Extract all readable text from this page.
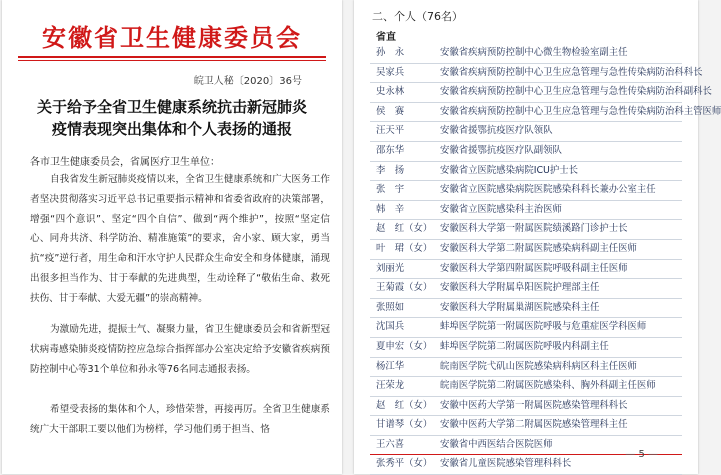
安徽省卫生健康委员会
皖卫人秘〔2020〕36号
关于给予全省卫生健康系统抗击新冠肺炎
疫情表现突出集体和个人表扬的通报
各市卫生健康委员会，省属医疗卫生单位：
自我省发生新冠肺炎疫情以来，全省卫生健康系统和广大医务工作者坚决贯彻落实习近平总书记重要指示精神和省委省政府的决策部署，增强“四个意识”、坚定“四个自信”、做到“两个维护”，按照“坚定信心、同舟共济、科学防治、精准施策”的要求，舍小家、顾大家，勇当抗“疫”逆行者，用生命和汗水守护人民群众生命安全和身体健康，涌现出很多担当作为、甘于奉献的先进典型，生动诠释了“敬佑生命、救死扶伤、甘于奉献、大爱无疆”的崇高精神。
为激励先进，提振士气、凝聚力量，省卫生健康委员会和省新型冠状病毒感染肺炎疫情防控应急综合指挥部办公室决定给予安徽省疾病预防控制中心等31个单位和孙永等76名同志通报表扬。
希望受表扬的集体和个人，珍惜荣誉，再接再厉。全省卫生健康系统广大干部职工要以他们为榜样，学习他们勇于担当、恪
二、个人（76名）
省直
孙　永	安徽省疾病预防控制中心微生物检验室副主任
吴家兵	安徽省疾病预防控制中心卫生应急管理与急性传染病防治科科长
史永林	安徽省疾病预防控制中心卫生应急管理与急性传染病防治科副科长
侯　赛	安徽省疾病预防控制中心卫生应急管理与急性传染病防治科主管医师
汪天平	安徽省援鄂抗疫医疗队领队
邵东华	安徽省援鄂抗疫医疗队副领队
李　扬	安徽省立医院感染病院ICU护士长
张　宇	安徽省立医院感染病院医院感染科科长兼办公室主任
韩　辛	安徽省立医院感染科主治医师
赵　红（女） 安徽医科大学第一附属医院绩溪路门诊护士长
叶　珺（女） 安徽医科大学第二附属医院感染病科副主任医师
刘丽光	安徽医科大学第四附属医院呼吸科副主任医师
王菊霞（女） 安徽医科大学附属阜阳医院护理部主任
张照如	安徽医科大学附属巢湖医院感染科主任
沈国兵	蚌埠医学院第一附属医院呼吸与危重症医学科医师
夏申宏（女） 蚌埠医学院第二附属医院呼吸内科副主任
杨江华	皖南医学院弋矶山医院感染病科病区科主任医师
汪荣龙	皖南医学院第二附属医院感染科、胸外科副主任医师
赵　红（女） 安徽中医药大学第一附属医院感染管理科科长
甘谱琴（女） 安徽中医药大学第二附属医院感染管理科主任
王六喜	安徽省中西医结合医院医师
张秀平（女） 安徽省儿童医院感染管理科科长
— 5 —
